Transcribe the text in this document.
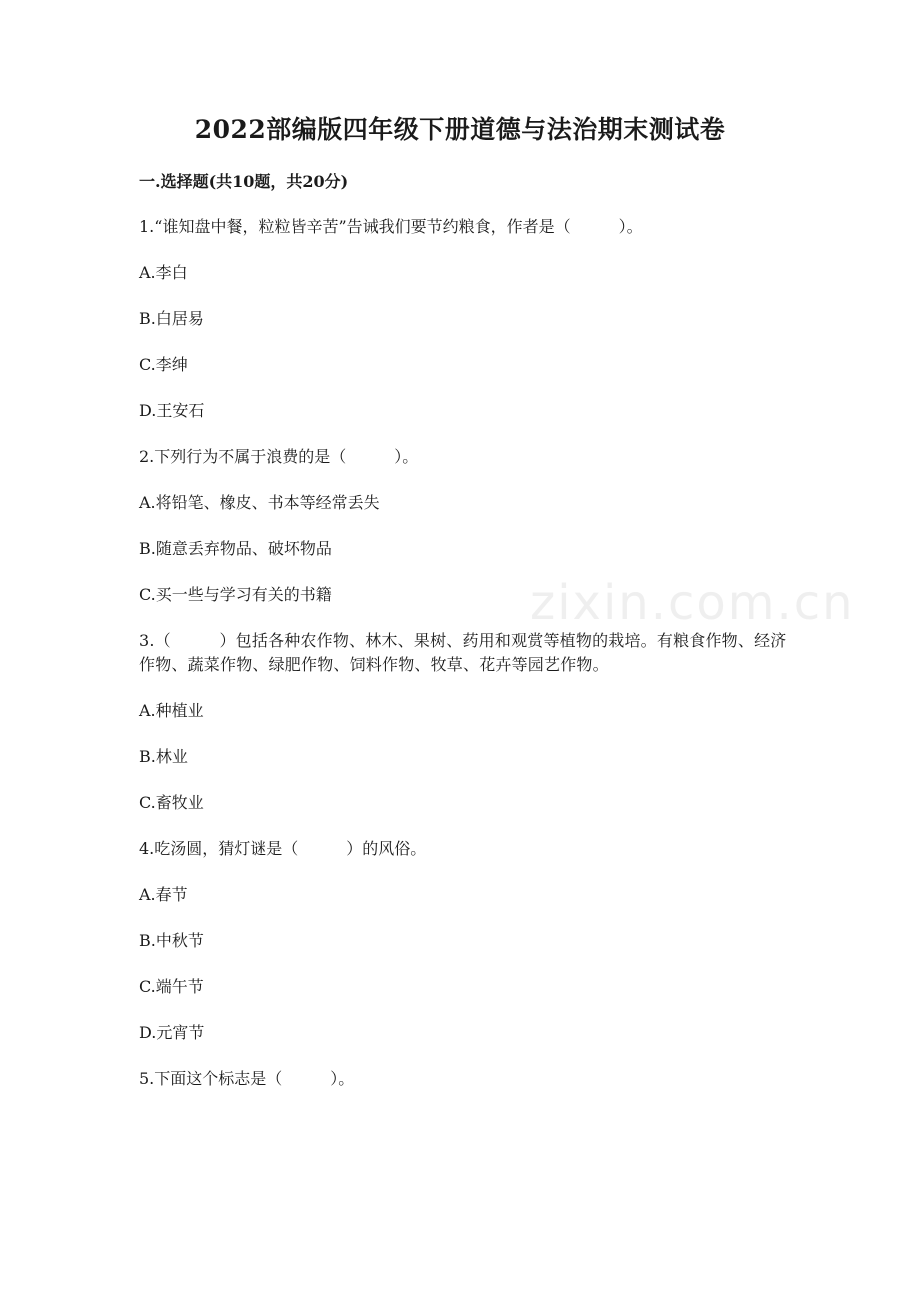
zixin.com.cn
2022部编版四年级下册道德与法治期末测试卷
一.选择题(共10题，共20分)

1.“谁知盘中餐，粒粒皆辛苦”告诫我们要节约粮食，作者是（　　　）。

A.李白

B.白居易

C.李绅

D.王安石

2.下列行为不属于浪费的是（　　　）。

A.将铅笔、橡皮、书本等经常丢失

B.随意丢弃物品、破坏物品

C.买一些与学习有关的书籍

3.（　　　）包括各种农作物、林木、果树、药用和观赏等植物的栽培。有粮食作物、经济作物、蔬菜作物、绿肥作物、饲料作物、牧草、花卉等园艺作物。

A.种植业

B.林业

C.畜牧业

4.吃汤圆，猜灯谜是（　　　）的风俗。

A.春节

B.中秋节

C.端午节

D.元宵节

5.下面这个标志是（　　　）。
